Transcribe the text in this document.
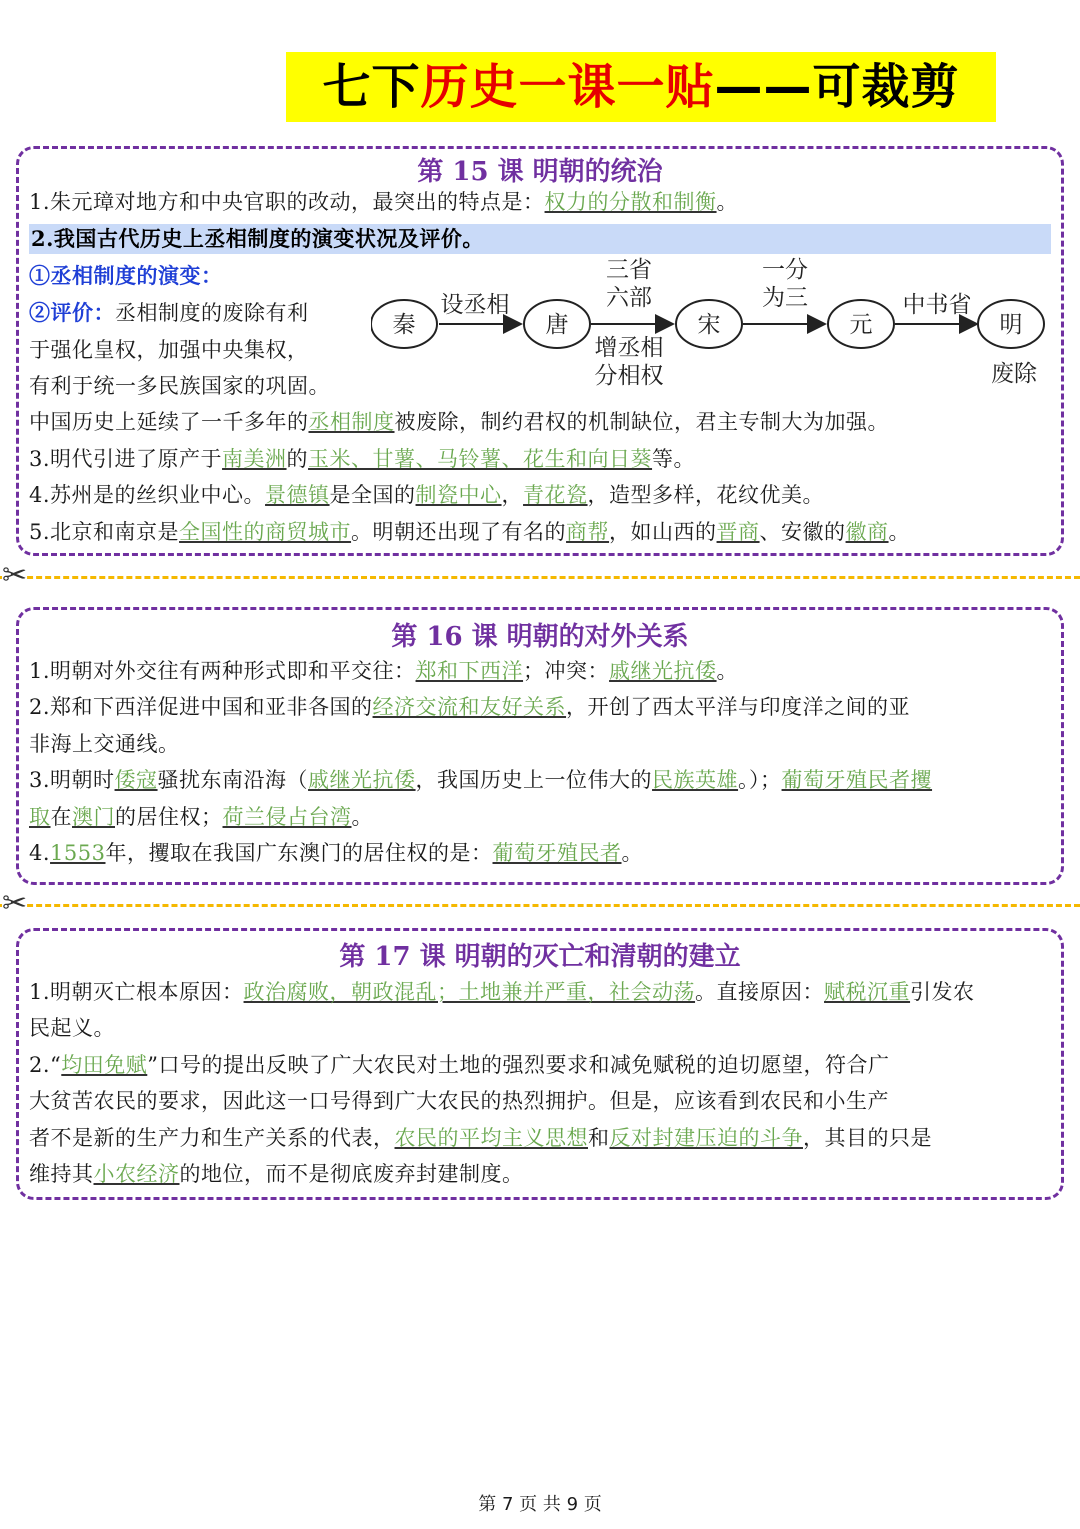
七下历史一课一贴——可裁剪
第 15 课 明朝的统治
1.朱元璋对地方和中央官职的改动，最突出的特点是：权力的分散和制衡。
2.我国古代历史上丞相制度的演变状况及评价。
①丞相制度的演变：
②评价：丞相制度的废除有利
于强化皇权，加强中央集权，
有利于统一多民族国家的巩固。
中国历史上延续了一千多年的丞相制度被废除，制约君权的机制缺位，君主专制大为加强。
3.明代引进了原产于南美洲的玉米、甘薯、马铃薯、花生和向日葵等。
4.苏州是的丝织业中心。景德镇是全国的制瓷中心，青花瓷，造型多样，花纹优美。
5.北京和南京是全国性的商贸城市。明朝还出现了有名的商帮，如山西的晋商、安徽的徽商。
秦	唐	宋	元	明
设丞相
三省
六部
增丞相
分相权
一分
为三	中书省
废除
✂
第 16 课 明朝的对外关系
1.明朝对外交往有两种形式即和平交往：郑和下西洋；冲突：戚继光抗倭。
2.郑和下西洋促进中国和亚非各国的经济交流和友好关系，开创了西太平洋与印度洋之间的亚
非海上交通线。
3.明朝时倭寇骚扰东南沿海（戚继光抗倭，我国历史上一位伟大的民族英雄。）；葡萄牙殖民者攫
取在澳门的居住权；荷兰侵占台湾。
4.1553年，攫取在我国广东澳门的居住权的是：葡萄牙殖民者。
✂
第 17 课 明朝的灭亡和清朝的建立
1.明朝灭亡根本原因：政治腐败，朝政混乱；土地兼并严重，社会动荡。直接原因：赋税沉重引发农
民起义。
2.“均田免赋”口号的提出反映了广大农民对土地的强烈要求和减免赋税的迫切愿望，符合广
大贫苦农民的要求，因此这一口号得到广大农民的热烈拥护。但是，应该看到农民和小生产
者不是新的生产力和生产关系的代表，农民的平均主义思想和反对封建压迫的斗争，其目的只是
维持其小农经济的地位，而不是彻底废弃封建制度。
第 7 页 共 9 页
